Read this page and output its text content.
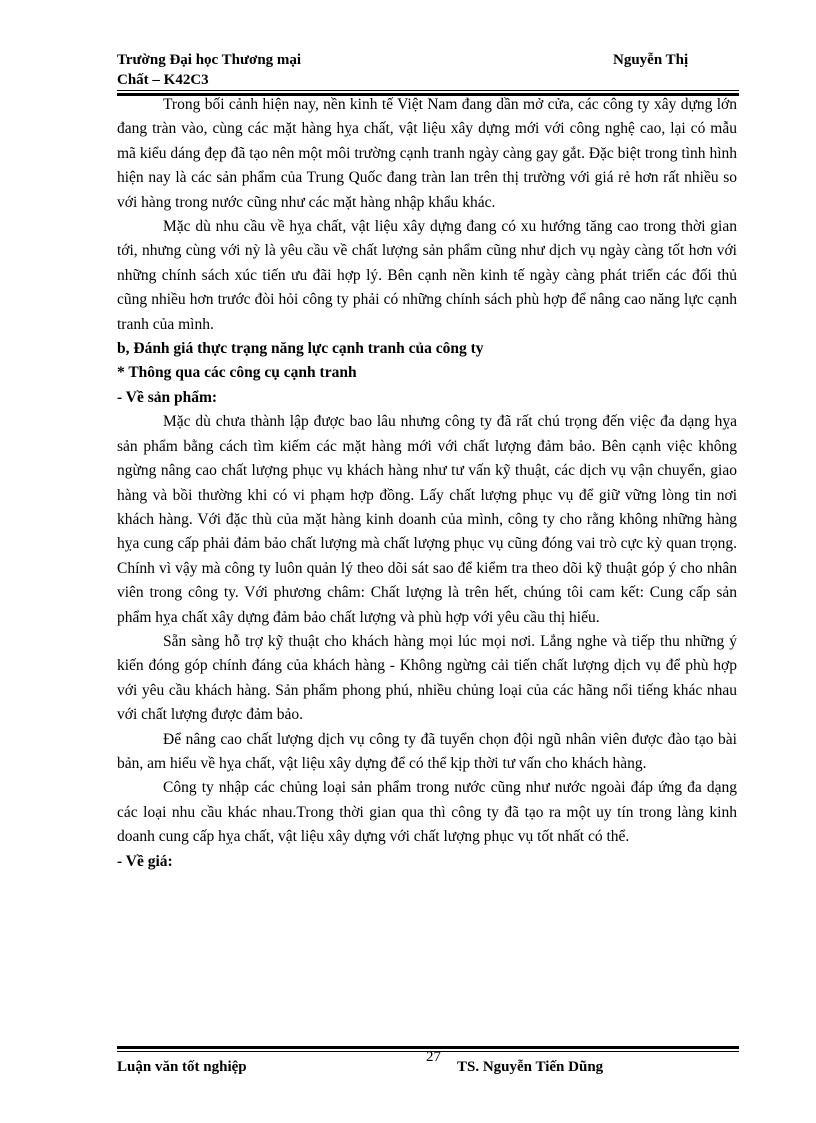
Trường Đại học Thương mại	Nguyễn Thị
Chất – K42C3

Trong bối cảnh hiện nay, nền kinh tế Việt Nam đang dần mở cửa, các công ty xây dựng lớn đang tràn vào, cùng các mặt hàng hỵa chất, vật liệu xây dựng mới với công nghệ cao, lại có mẫu mã kiểu dáng đẹp đã tạo nên một môi trường cạnh tranh ngày càng gay gắt. Đặc biệt trong tình hình hiện nay là các sản phẩm của Trung Quốc đang tràn lan trên thị trường với giá rẻ hơn rất nhiều so với hàng trong nước cũng như các mặt hàng nhập khẩu khác.

Mặc dù nhu cầu về hỵa chất, vật liệu xây dựng đang có xu hướng tăng cao trong thời gian tới, nhưng cùng với nỳ là yêu cầu về chất lượng sản phẩm cũng như dịch vụ ngày càng tốt hơn với những chính sách xúc tiến ưu đãi hợp lý. Bên cạnh nền kinh tế ngày càng phát triển các đối thủ cũng nhiều hơn trước đòi hỏi công ty phải có những chính sách phù hợp để nâng cao năng lực cạnh tranh của mình.

b, Đánh giá thực trạng năng lực cạnh tranh của công ty

* Thông qua các công cụ cạnh tranh

- Về sản phẩm:

Mặc dù chưa thành lập được bao lâu nhưng công ty đã rất chú trọng đến việc đa dạng hỵa sản phẩm bằng cách tìm kiếm các mặt hàng mới với chất lượng đảm bảo. Bên cạnh việc không ngừng nâng cao chất lượng phục vụ khách hàng như tư vấn kỹ thuật, các dịch vụ vận chuyển, giao hàng và bồi thường khi có vi phạm hợp đồng. Lấy chất lượng phục vụ để giữ vững lòng tin nơi khách hàng. Với đặc thù của mặt hàng kinh doanh của mình, công ty cho rằng không những hàng hỵa cung cấp phải đảm bảo chất lượng mà chất lượng phục vụ cũng đóng vai trò cực kỳ quan trọng. Chính vì vậy mà công ty luôn quản lý theo dõi sát sao để kiểm tra theo dõi kỹ thuật góp ý cho nhân viên trong công ty. Với phương châm: Chất lượng là trên hết, chúng tôi cam kết: Cung cấp sản phẩm hỵa chất xây dựng đảm bảo chất lượng và phù hợp với yêu cầu thị hiếu.

Sẵn sàng hỗ trợ kỹ thuật cho khách hàng mọi lúc mọi nơi. Lắng nghe và tiếp thu những ý kiến đóng góp chính đáng của khách hàng - Không ngừng cải tiến chất lượng dịch vụ để phù hợp với yêu cầu khách hàng. Sản phẩm phong phú, nhiều chủng loại của các hãng nổi tiếng khác nhau với chất lượng được đảm bảo.

Để nâng cao chất lượng dịch vụ công ty đã tuyển chọn đội ngũ nhân viên được đào tạo bài bản, am hiểu về hỵa chất, vật liệu xây dựng để có thể kịp thời tư vấn cho khách hàng.

Công ty nhập các chủng loại sản phẩm trong nước cũng như nước ngoài đáp ứng đa dạng các loại nhu cầu khác nhau.Trong thời gian qua thì công ty đã tạo ra một uy tín trong làng kinh doanh cung cấp hỵa chất, vật liệu xây dựng với chất lượng phục vụ tốt nhất có thể.

- Về giá:

Luận văn tốt nghiệp
27
TS. Nguyễn Tiến Dũng
